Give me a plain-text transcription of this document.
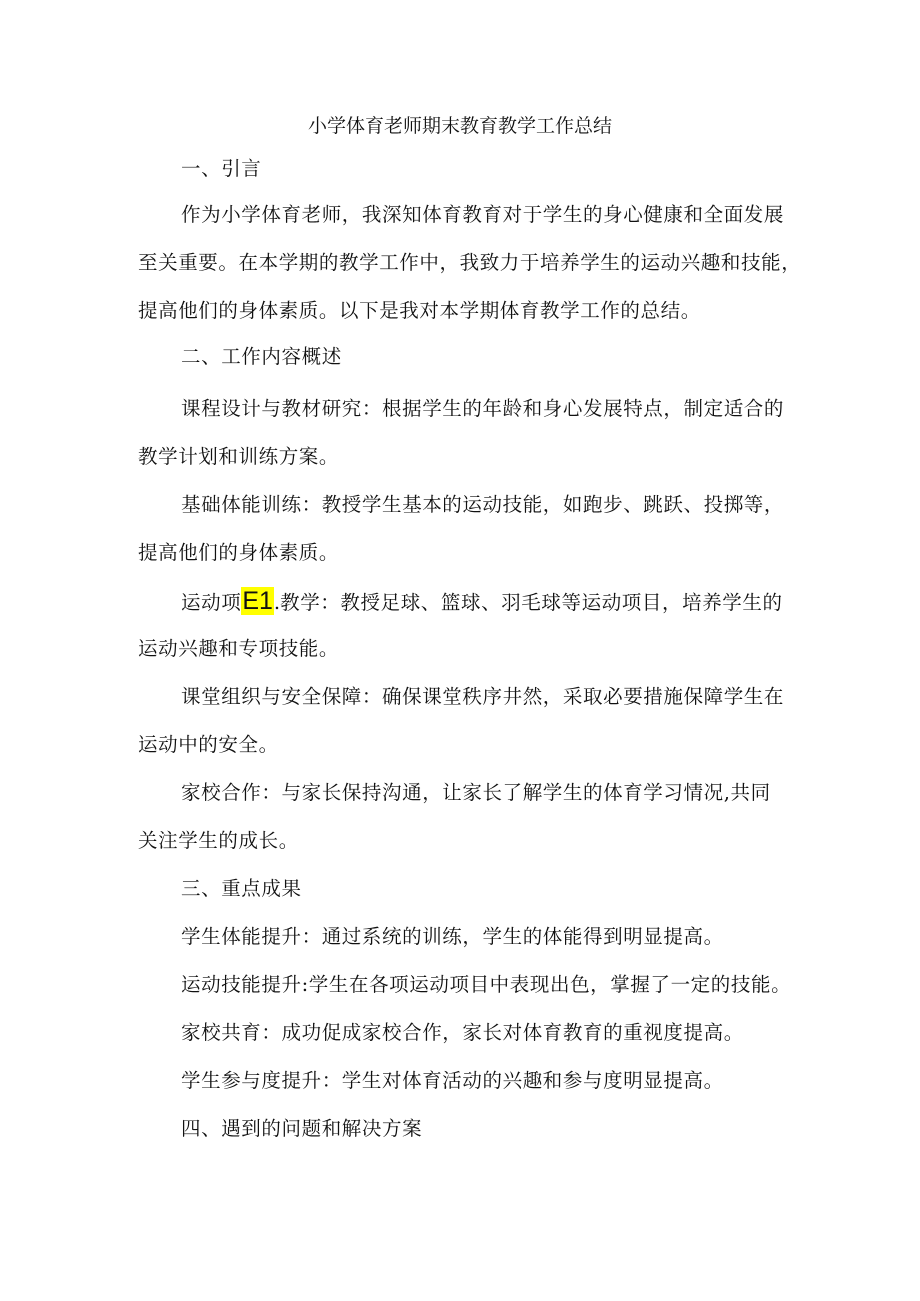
小学体育老师期末教育教学工作总结
一、引言
作为小学体育老师，我深知体育教育对于学生的身心健康和全面发展
至关重要。在本学期的教学工作中，我致力于培养学生的运动兴趣和技能，
提高他们的身体素质。以下是我对本学期体育教学工作的总结。
二、工作内容概述
课程设计与教材研究：根据学生的年龄和身心发展特点，制定适合的
教学计划和训练方案。
基础体能训练：教授学生基本的运动技能，如跑步、跳跃、投掷等，
提高他们的身体素质。
运动项E1.教学：教授足球、篮球、羽毛球等运动项目，培养学生的
运动兴趣和专项技能。
课堂组织与安全保障：确保课堂秩序井然，采取必要措施保障学生在
运动中的安全。
家校合作：与家长保持沟通，让家长了解学生的体育学习情况,共同
关注学生的成长。
三、重点成果
学生体能提升：通过系统的训练，学生的体能得到明显提高。
运动技能提升:学生在各项运动项目中表现出色，掌握了一定的技能。
家校共育：成功促成家校合作，家长对体育教育的重视度提高。
学生参与度提升：学生对体育活动的兴趣和参与度明显提高。
四、遇到的问题和解决方案
